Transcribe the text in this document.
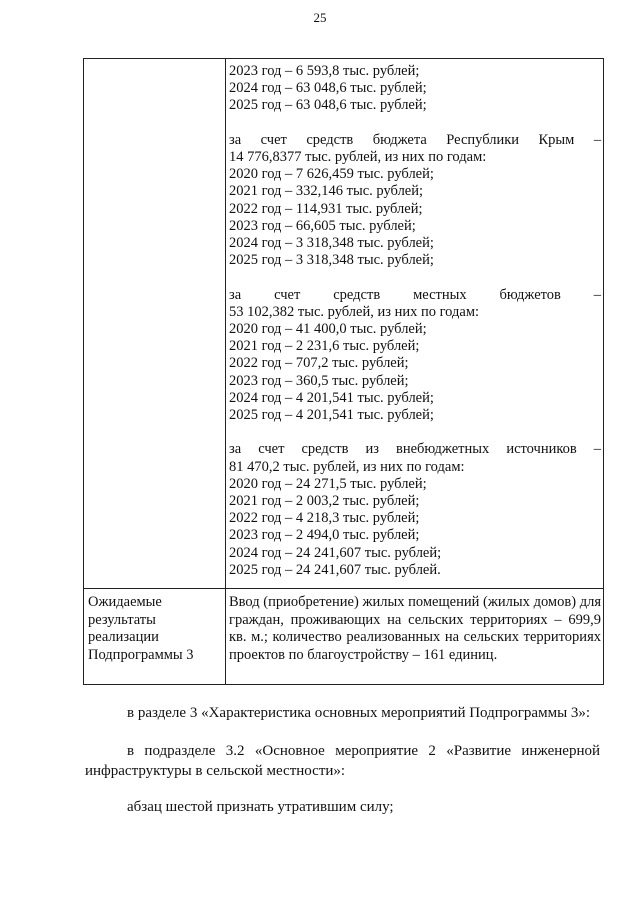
25
2023 год – 6 593,8 тыс. рублей;
2024 год – 63 048,6 тыс. рублей;
2025 год – 63 048,6 тыс. рублей;
за счет средств бюджета Республики Крым –
14 776,8377 тыс. рублей, из них по годам:
2020 год – 7 626,459 тыс. рублей;
2021 год – 332,146 тыс. рублей;
2022 год – 114,931 тыс. рублей;
2023 год – 66,605 тыс. рублей;
2024 год – 3 318,348 тыс. рублей;
2025 год – 3 318,348 тыс. рублей;
за счет средств местных бюджетов –
53 102,382 тыс. рублей, из них по годам:
2020 год – 41 400,0 тыс. рублей;
2021 год – 2 231,6 тыс. рублей;
2022 год – 707,2 тыс. рублей;
2023 год – 360,5 тыс. рублей;
2024 год – 4 201,541 тыс. рублей;
2025 год – 4 201,541 тыс. рублей;
за счет средств из внебюджетных источников –
81 470,2 тыс. рублей, из них по годам:
2020 год – 24 271,5 тыс. рублей;
2021 год – 2 003,2 тыс. рублей;
2022 год – 4 218,3 тыс. рублей;
2023 год – 2 494,0 тыс. рублей;
2024 год – 24 241,607 тыс. рублей;
2025 год – 24 241,607 тыс. рублей.
Ожидаемые
результаты
реализации
Подпрограммы 3
Ввод (приобретение) жилых помещений (жилых домов) для граждан, проживающих на сельских территориях – 699,9 кв. м.; количество реализованных на сельских территориях проектов по благоустройству – 161 единиц.
в разделе 3 «Характеристика основных мероприятий Подпрограммы 3»:
в подразделе 3.2 «Основное мероприятие 2 «Развитие инженерной инфраструктуры в сельской местности»:
абзац шестой признать утратившим силу;
